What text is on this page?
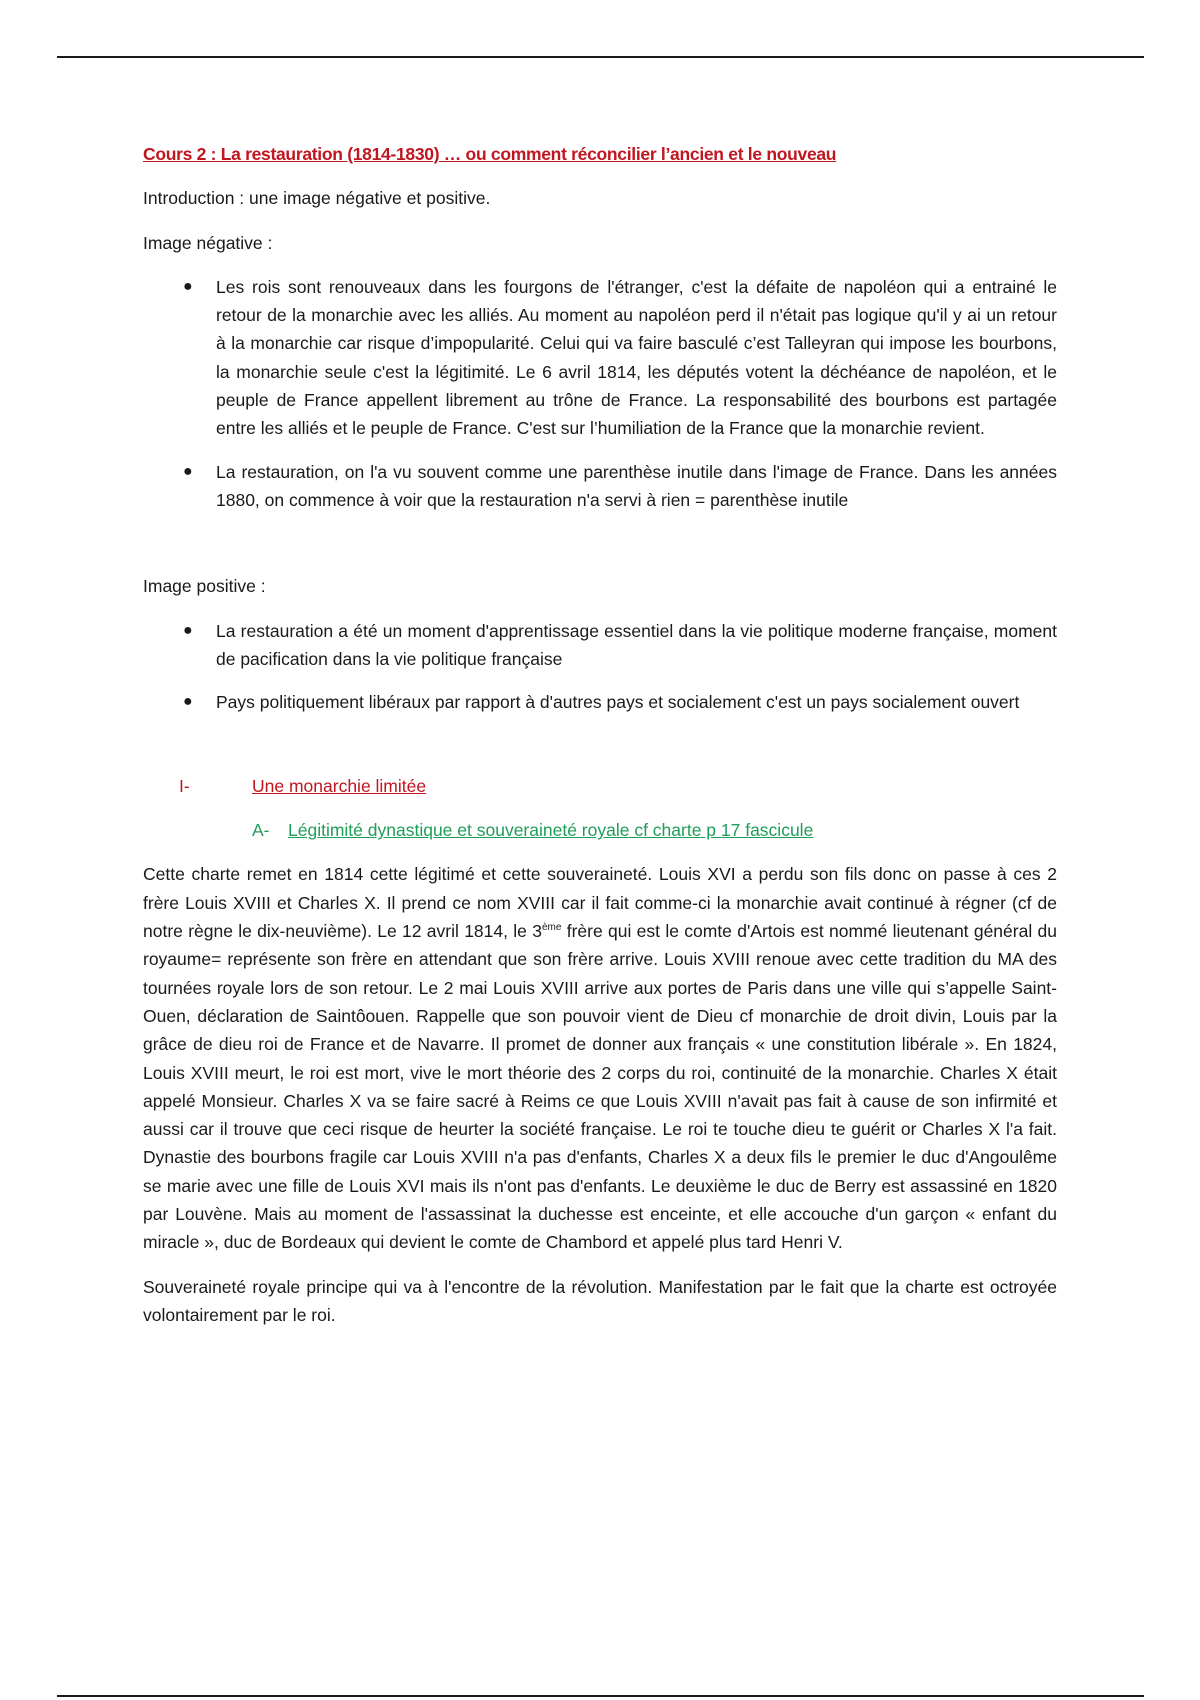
Cours 2 : La restauration (1814-1830) … ou comment réconcilier l’ancien et le nouveau

Introduction : une image négative et positive.

Image négative :

● Les rois sont renouveaux dans les fourgons de l'étranger, c'est la défaite de napoléon qui a entrainé le retour de la monarchie avec les alliés. Au moment au napoléon perd il n'était pas logique qu'il y ai un retour à la monarchie car risque d’impopularité. Celui qui va faire basculé c’est Talleyran qui impose les bourbons, la monarchie seule c'est la légitimité. Le 6 avril 1814, les députés votent la déchéance de napoléon, et le peuple de France appellent librement au trône de France. La responsabilité des bourbons est partagée entre les alliés et le peuple de France. C'est sur l’humiliation de la France que la monarchie revient.
● La restauration, on l'a vu souvent comme une parenthèse inutile dans l'image de France. Dans les années 1880, on commence à voir que la restauration n'a servi à rien = parenthèse inutile

Image positive :

● La restauration a été un moment d'apprentissage essentiel dans la vie politique moderne française, moment de pacification dans la vie politique française
● Pays politiquement libéraux par rapport à d'autres pays et socialement c'est un pays socialement ouvert
I-	Une monarchie limitée
A- Légitimité dynastique et souveraineté royale cf charte p 17 fascicule

Cette charte remet en 1814 cette légitimé et cette souveraineté. Louis XVI a perdu son fils donc on passe à ces 2 frère Louis XVIII et Charles X. Il prend ce nom XVIII car il fait comme-ci la monarchie avait continué à régner (cf de notre règne le dix-neuvième). Le 12 avril 1814, le 3ème frère qui est le comte d'Artois est nommé lieutenant général du royaume= représente son frère en attendant que son frère arrive. Louis XVIII renoue avec cette tradition du MA des tournées royale lors de son retour. Le 2 mai Louis XVIII arrive aux portes de Paris dans une ville qui s’appelle Saint-Ouen, déclaration de Saintôouen. Rappelle que son pouvoir vient de Dieu cf monarchie de droit divin, Louis par la grâce de dieu roi de France et de Navarre. Il promet de donner aux français « une constitution libérale ». En 1824, Louis XVIII meurt, le roi est mort, vive le mort théorie des 2 corps du roi, continuité de la monarchie. Charles X était appelé Monsieur. Charles X va se faire sacré à Reims ce que Louis XVIII n'avait pas fait à cause de son infirmité et aussi car il trouve que ceci risque de heurter la société française. Le roi te touche dieu te guérit or Charles X l'a fait. Dynastie des bourbons fragile car Louis XVIII n'a pas d'enfants, Charles X a deux fils le premier le duc d'Angoulême se marie avec une fille de Louis XVI mais ils n'ont pas d'enfants. Le deuxième le duc de Berry est assassiné en 1820 par Louvène. Mais au moment de l'assassinat la duchesse est enceinte, et elle accouche d'un garçon « enfant du miracle », duc de Bordeaux qui devient le comte de Chambord et appelé plus tard Henri V.

Souveraineté royale principe qui va à l'encontre de la révolution. Manifestation par le fait que la charte est octroyée volontairement par le roi.
